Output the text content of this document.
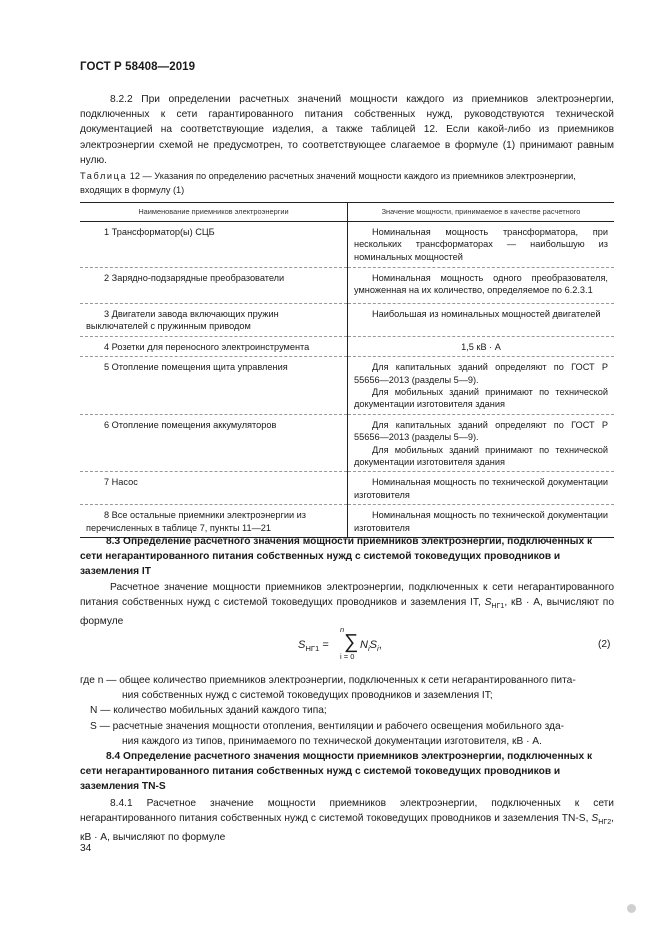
ГОСТ Р 58408—2019
8.2.2 При определении расчетных значений мощности каждого из приемников электроэнергии, подключенных к сети гарантированного питания собственных нужд, руководствуются технической документацией на соответствующие изделия, а также таблицей 12. Если какой-либо из приемников электроэнергии схемой не предусмотрен, то соответствующее слагаемое в формуле (1) принимают равным нулю.
Таблица 12 — Указания по определению расчетных значений мощности каждого из приемников электроэнергии, входящих в формулу (1)
Наименование приемников электроэнергии	Значение мощности, принимаемое в качестве расчетного

1 Трансформатор(ы) СЦБ	Номинальная мощность трансформатора, при нескольких трансформаторах — наибольшую из номинальных мощностей

2 Зарядно-подзарядные преобразователи	Номинальная мощность одного преобразователя, умноженная на их количество, определяемое по 6.2.3.1

3 Двигатели завода включающих пружин выключателей с пружинным приводом	Наибольшая из номинальных мощностей двигателей

4 Розетки для переносного электроинструмента	1,5 кВ · А

5 Отопление помещения щита управления	Для капитальных зданий определяют по ГОСТ Р 55656—2013 (разделы 5—9).
Для мобильных зданий принимают по технической документации изготовителя здания

6 Отопление помещения аккумуляторов	Для капитальных зданий определяют по ГОСТ Р 55656—2013 (разделы 5—9).
Для мобильных зданий принимают по технической документации изготовителя здания

7 Насос	Номинальная мощность по технической документации изготовителя

8 Все остальные приемники электроэнергии из перечисленных в таблице 7, пункты 11—21	Номинальная мощность по технической документации изготовителя
8.3 Определение расчетного значения мощности приемников электроэнергии, подключенных к сети негарантированного питания собственных нужд с системой токоведущих проводников и заземления IT
Расчетное значение мощности приемников электроэнергии, подключенных к сети негарантированного питания собственных нужд с системой токоведущих проводников и заземления IT, $S_{НГ1}$, кВ · А, вычисляют по формуле
$S_{НГ1}$ =
n
∑
i = 0
$N_iS_i$,	(2)
где n — общее количество приемников электроэнергии, подключенных к сети негарантированного пита-
ния собственных нужд с системой токоведущих проводников и заземления IT;
N — количество мобильных зданий каждого типа;
S — расчетные значения мощности отопления, вентиляции и рабочего освещения мобильного зда-
ния каждого из типов, принимаемого по технической документации изготовителя, кВ · А.
8.4 Определение расчетного значения мощности приемников электроэнергии, подключенных к сети негарантированного питания собственных нужд с системой токоведущих проводников и заземления TN-S
8.4.1 Расчетное значение мощности приемников электроэнергии, подключенных к сети негарантированного питания собственных нужд с системой токоведущих проводников и заземления TN-S, $S_{НГ2}$, кВ · А, вычисляют по формуле
34
